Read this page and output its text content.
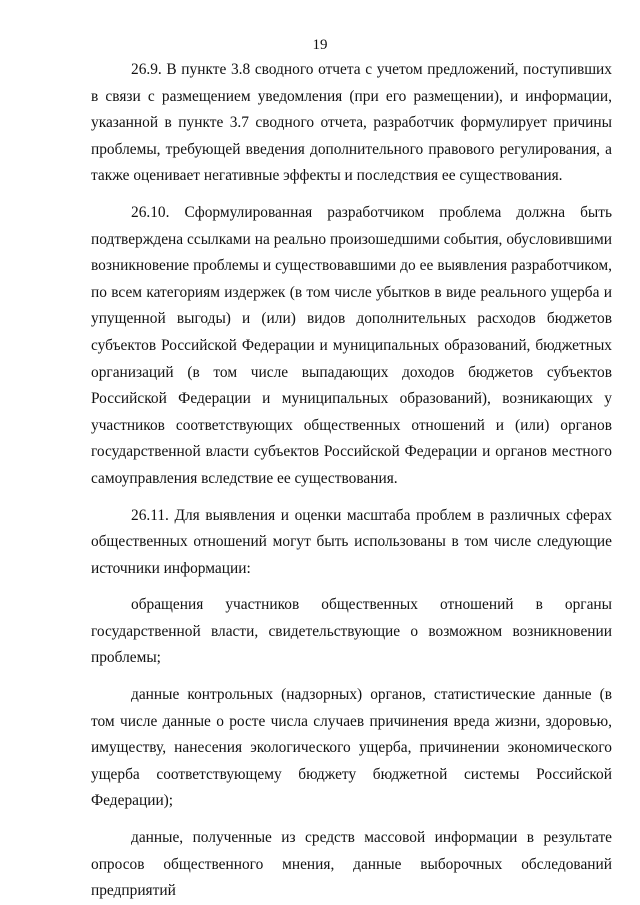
19

26.9. В пункте 3.8 сводного отчета с учетом предложений, поступивших в связи с размещением уведомления (при его размещении), и информации, указанной в пункте 3.7 сводного отчета, разработчик формулирует причины проблемы, требующей введения дополнительного правового регулирования, а также оценивает негативные эффекты и последствия ее существования.

26.10. Сформулированная разработчиком проблема должна быть подтверждена ссылками на реально произошедшими события, обусловившими возникновение проблемы и существовавшими до ее выявления разработчиком, по всем категориям издержек (в том числе убытков в виде реального ущерба и упущенной выгоды) и (или) видов дополнительных расходов бюджетов субъектов Российской Федерации и муниципальных образований, бюджетных организаций (в том числе выпадающих доходов бюджетов субъектов Российской Федерации и муниципальных образований), возникающих у участников соответствующих общественных отношений и (или) органов государственной власти субъектов Российской Федерации и органов местного самоуправления вследствие ее существования.

26.11. Для выявления и оценки масштаба проблем в различных сферах общественных отношений могут быть использованы в том числе следующие источники информации:

обращения участников общественных отношений в органы государственной власти, свидетельствующие о возможном возникновении проблемы;

данные контрольных (надзорных) органов, статистические данные (в том числе данные о росте числа случаев причинения вреда жизни, здоровью, имуществу, нанесения экологического ущерба, причинении экономического ущерба соответствующему бюджету бюджетной системы Российской Федерации);

данные, полученные из средств массовой информации в результате опросов общественного мнения, данные выборочных обследований предприятий
